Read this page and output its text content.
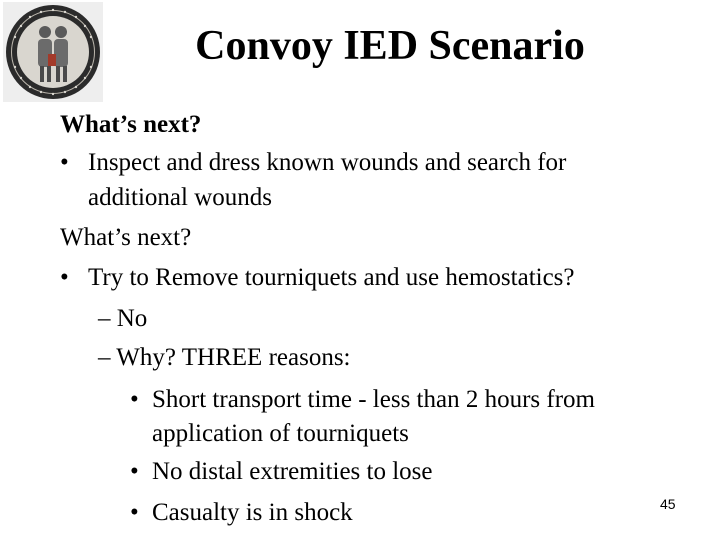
Convoy IED Scenario
What’s next?
• Inspect and dress known wounds and search for
additional wounds
What’s next?
• Try to Remove tourniquets and use hemostatics?
– No
– Why? THREE reasons:
• Short transport time - less than 2 hours from
application of tourniquets
• No distal extremities to lose
• Casualty is in shock	45
